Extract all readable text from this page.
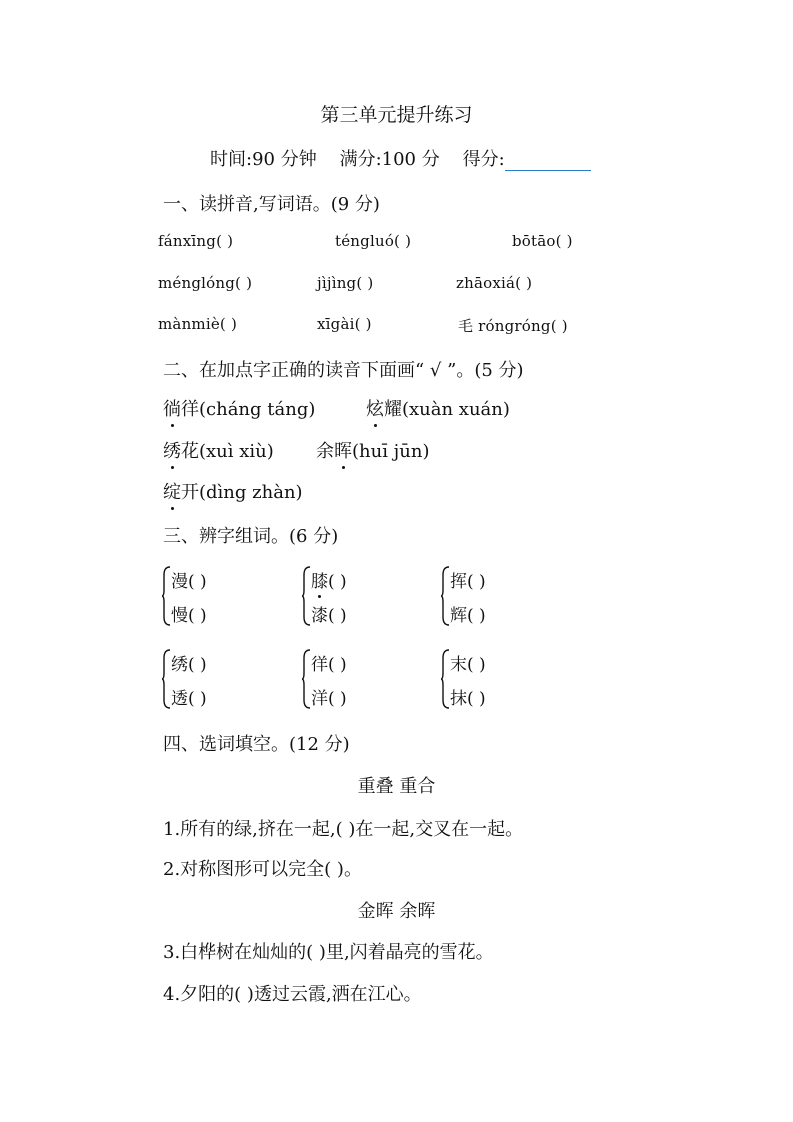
第三单元提升练习
时间:90 分钟 满分:100 分 得分:
一、读拼音,写词语。(9 分)
fánxīng( )	téngluó( )	bōtāo( )
ménglóng( )	jìjìng( )	zhāoxiá( )
mànmiè( )	xīgài( )	毛 róngróng( )
二、在加点字正确的读音下面画“ √ ”。(5 分)
徜徉(cháng táng)	炫耀(xuàn xuán)
绣花(xuì xiù) 余晖(huī jūn)
绽开(dìng zhàn)
三、辨字组词。(6 分)
漫( )
慢( )
膝( )
漆( )
挥( )
辉( )
绣( )
透( )
徉( )
洋( )
末( )
抹( )
四、选词填空。(12 分)
重叠 重合
1.所有的绿,挤在一起,( )在一起,交叉在一起。
2.对称图形可以完全( )。
金晖 余晖
3.白桦树在灿灿的( )里,闪着晶亮的雪花。
4.夕阳的( )透过云霞,洒在江心。
